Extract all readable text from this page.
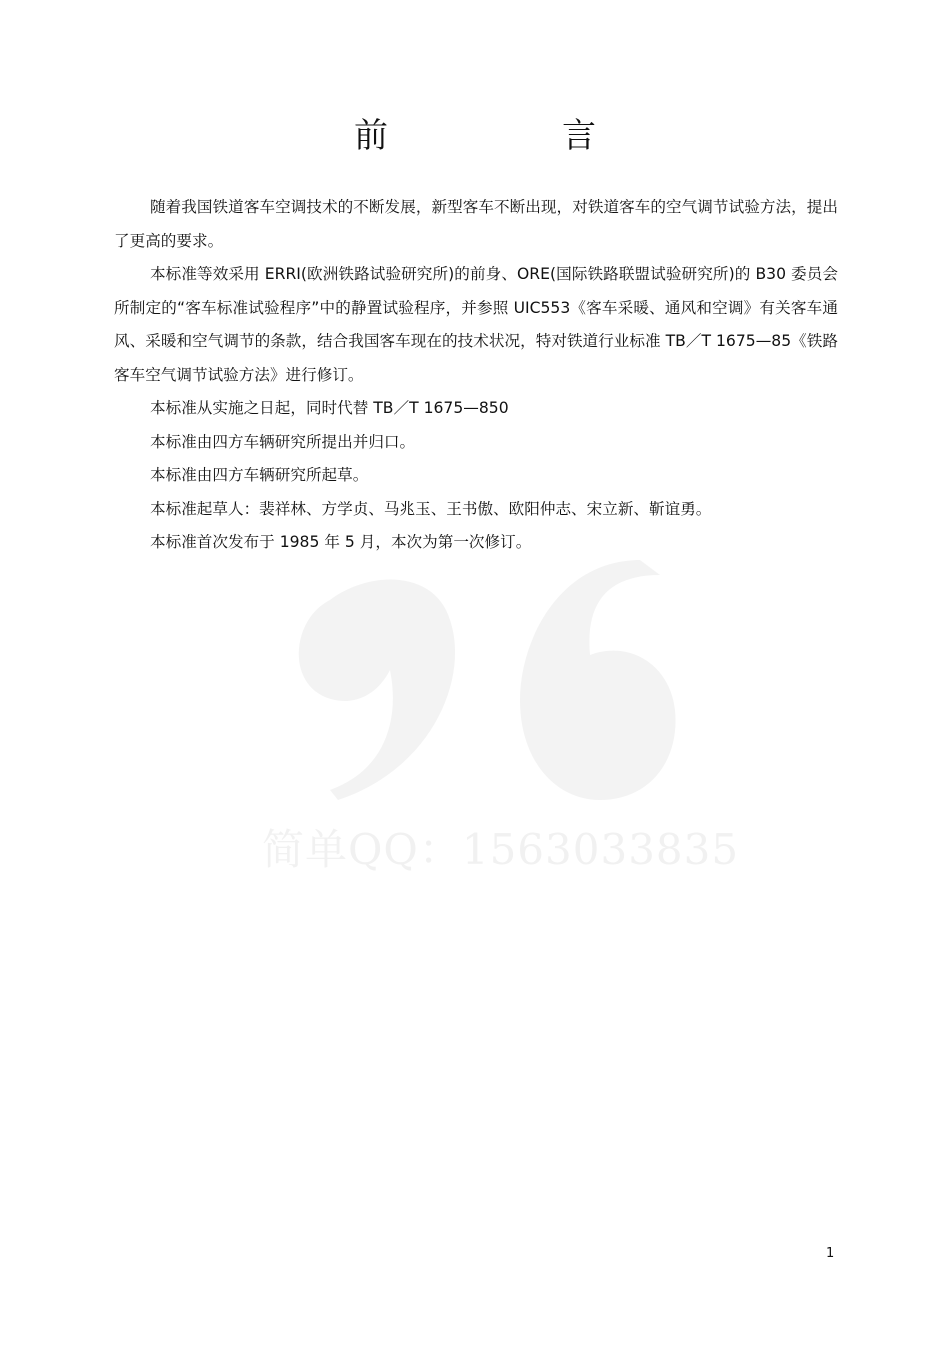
简单QQ：1563033835
前　言

随着我国铁道客车空调技术的不断发展，新型客车不断出现，对铁道客车的空气调节试验方法，提出了更高的要求。

本标准等效采用 ERRI(欧洲铁路试验研究所)的前身、ORE(国际铁路联盟试验研究所)的 B30 委员会所制定的“客车标准试验程序”中的静置试验程序，并参照 UIC553《客车采暖、通风和空调》有关客车通风、采暖和空气调节的条款，结合我国客车现在的技术状况，特对铁道行业标准 TB／T 1675—85《铁路客车空气调节试验方法》进行修订。

本标准从实施之日起，同时代替 TB／T 1675—850

本标准由四方车辆研究所提出并归口。

本标准由四方车辆研究所起草。

本标准起草人：裴祥林、方学贞、马兆玉、王书傲、欧阳仲志、宋立新、靳谊勇。

本标准首次发布于 1985 年 5 月，本次为第一次修订。

1
